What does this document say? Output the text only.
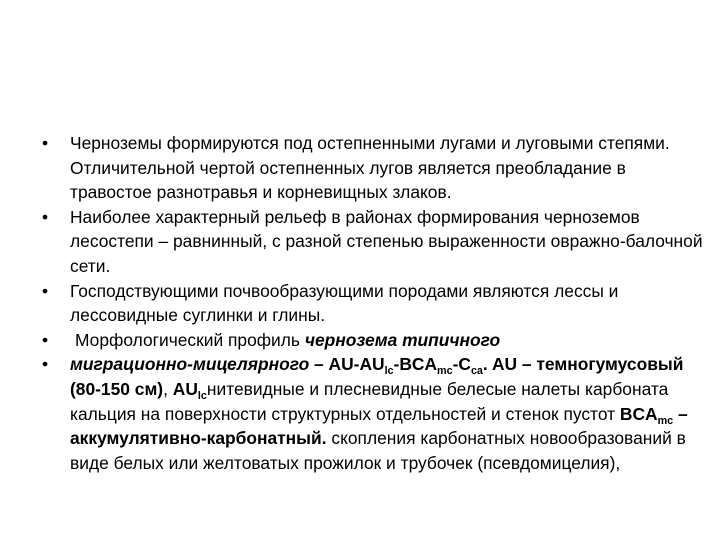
• Черноземы формируются под остепненными лугами и луговыми степями. Отличительной чертой остепненных лугов является преобладание в травостое разнотравья и корневищных злаков.
• Наиболее характерный рельеф в районах формирования черноземов лесостепи – равнинный, с разной степенью выраженности овражно-балочной сети.
• Господствующими почвообразующими породами являются лессы и лессовидные суглинки и глины.
• Морфологический профиль черноземa типичного
• миграционно-мицелярного – $AU-AU_{lc}-BCA_{mc}-C_{ca}$. AU – темногумусовый (80-150 см), $AU_{lc}нитевидные$ и плесневидные белесые налеты карбоната кальция на поверхности структурных отдельностей и стенок пустот $BCA_{mc}$ – аккумулятивно-карбонатный. скопления карбонатных новообразований в виде белых или желтоватых прожилок и трубочек (псевдомицелия),
